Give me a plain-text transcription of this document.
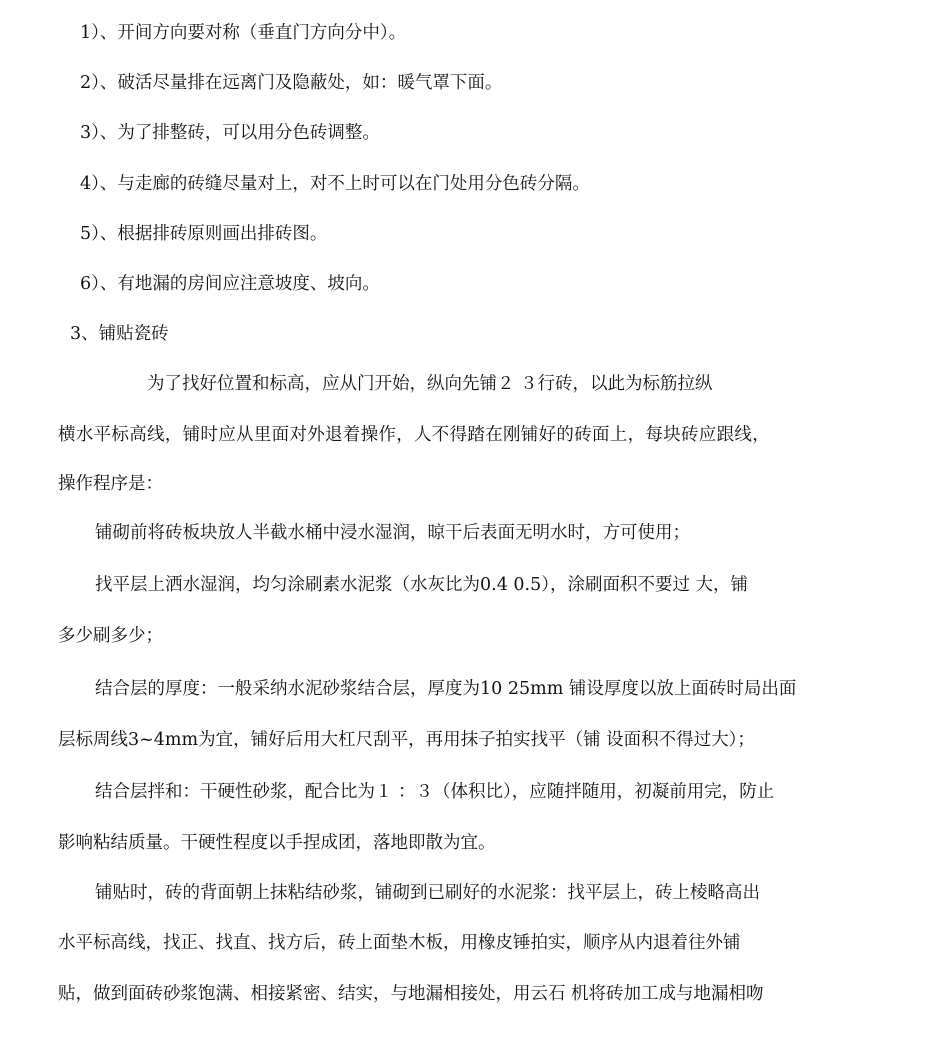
1）、开间方向要对称（垂直门方向分中）。
2）、破活尽量排在远离门及隐蔽处，如：暖气罩下面。
3）、为了排整砖，可以用分色砖调整。
4）、与走廊的砖缝尽量对上，对不上时可以在门处用分色砖分隔。
5）、根据排砖原则画出排砖图。
6）、有地漏的房间应注意坡度、坡向。
3、铺贴瓷砖
为了找好位置和标高，应从门开始，纵向先铺２ ３行砖，以此为标筋拉纵
横水平标高线，铺时应从里面对外退着操作，人不得踏在刚铺好的砖面上，每块砖应跟线，
操作程序是：
铺砌前将砖板块放人半截水桶中浸水湿润，晾干后表面无明水时，方可使用；
找平层上洒水湿润，均匀涂刷素水泥浆（水灰比为0.4 0.5），涂刷面积不要过 大，铺
多少刷多少；
结合层的厚度：一般采纳水泥砂浆结合层，厚度为10 25mm 铺设厚度以放上面砖时局出面
层标周线3~4mm为宜，铺好后用大杠尺刮平，再用抹子拍实找平（铺 设面积不得过大）；
结合层拌和：干硬性砂浆，配合比为１ ：３（体积比），应随拌随用，初凝前用完，防止
影响粘结质量。干硬性程度以手捏成团，落地即散为宜。
铺贴时，砖的背面朝上抹粘结砂浆，铺砌到已刷好的水泥浆：找平层上，砖上棱略高出
水平标高线，找正、找直、找方后，砖上面垫木板，用橡皮锤拍实，顺序从内退着往外铺
贴，做到面砖砂浆饱满、相接紧密、结实，与地漏相接处，用云石 机将砖加工成与地漏相吻
